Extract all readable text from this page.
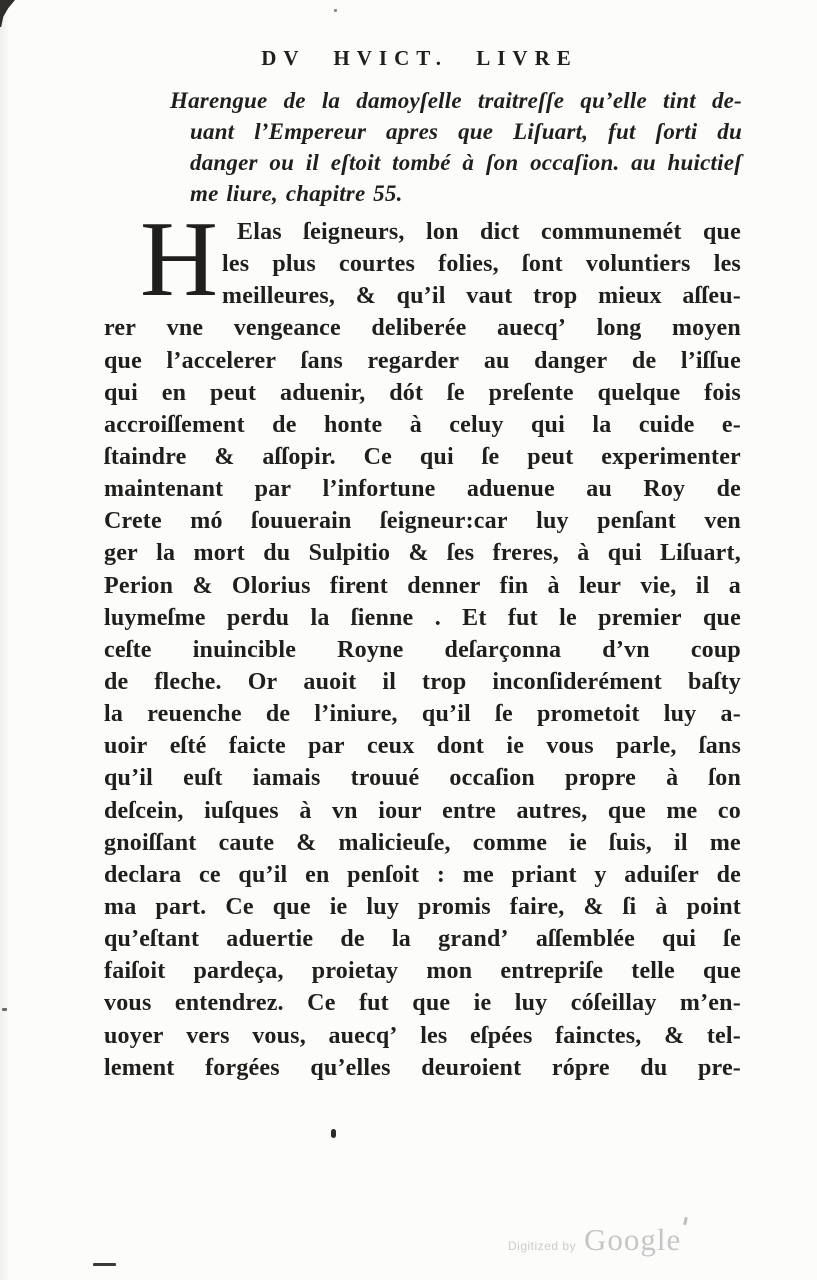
DV HVICT. LIVRE
Harengue de la damoyſelle traitreſſe qu’elle tint de-
uant l’Empereur apres que Liſuart, fut ſorti du
danger ou il eſtoit tombé à ſon occaſion. au huictieſ
me liure, chapitre 55.
H Elas ſeigneurs, lon dict communemét que
les plus courtes folies, ſont voluntiers les
meilleures, & qu’il vaut trop mieux aſſeu-
rer vne vengeance deliberée auecq’ long moyen
que l’accelerer ſans regarder au danger de l’iſſue
qui en peut aduenir, dót ſe preſente quelque fois
accroiſſement de honte à celuy qui la cuide e-
ſtaindre & aſſopir. Ce qui ſe peut experimenter
maintenant par l’infortune aduenue au Roy de
Crete mó ſouuerain ſeigneur:car luy penſant ven
ger la mort du Sulpitio & ſes freres, à qui Liſuart,
Perion & Olorius firent denner fin à leur vie, il a
luymeſme perdu la ſienne . Et fut le premier que
ceſte inuincible Royne deſarçonna d’vn coup
de fleche. Or auoit il trop inconſiderément baſty
la reuenche de l’iniure, qu’il ſe prometoit luy a-
uoir eſté faicte par ceux dont ie vous parle, ſans
qu’il euſt iamais trouué occaſion propre à ſon
deſcein, iuſques à vn iour entre autres, que me co
gnoiſſant caute & malicieuſe, comme ie ſuis, il me
declara ce qu’il en penſoit : me priant y aduiſer de
ma part. Ce que ie luy promis faire, & ſi à point
qu’eſtant aduertie de la grand’ aſſemblée qui ſe
faiſoit pardeça, proietay mon entrepriſe telle que
vous entendrez. Ce fut que ie luy cóſeillay m’en-
uoyer vers vous, auecq’ les eſpées fainctes, & tel-
lement forgées qu’elles deuroient rópre du pre-
Digitized by Google
